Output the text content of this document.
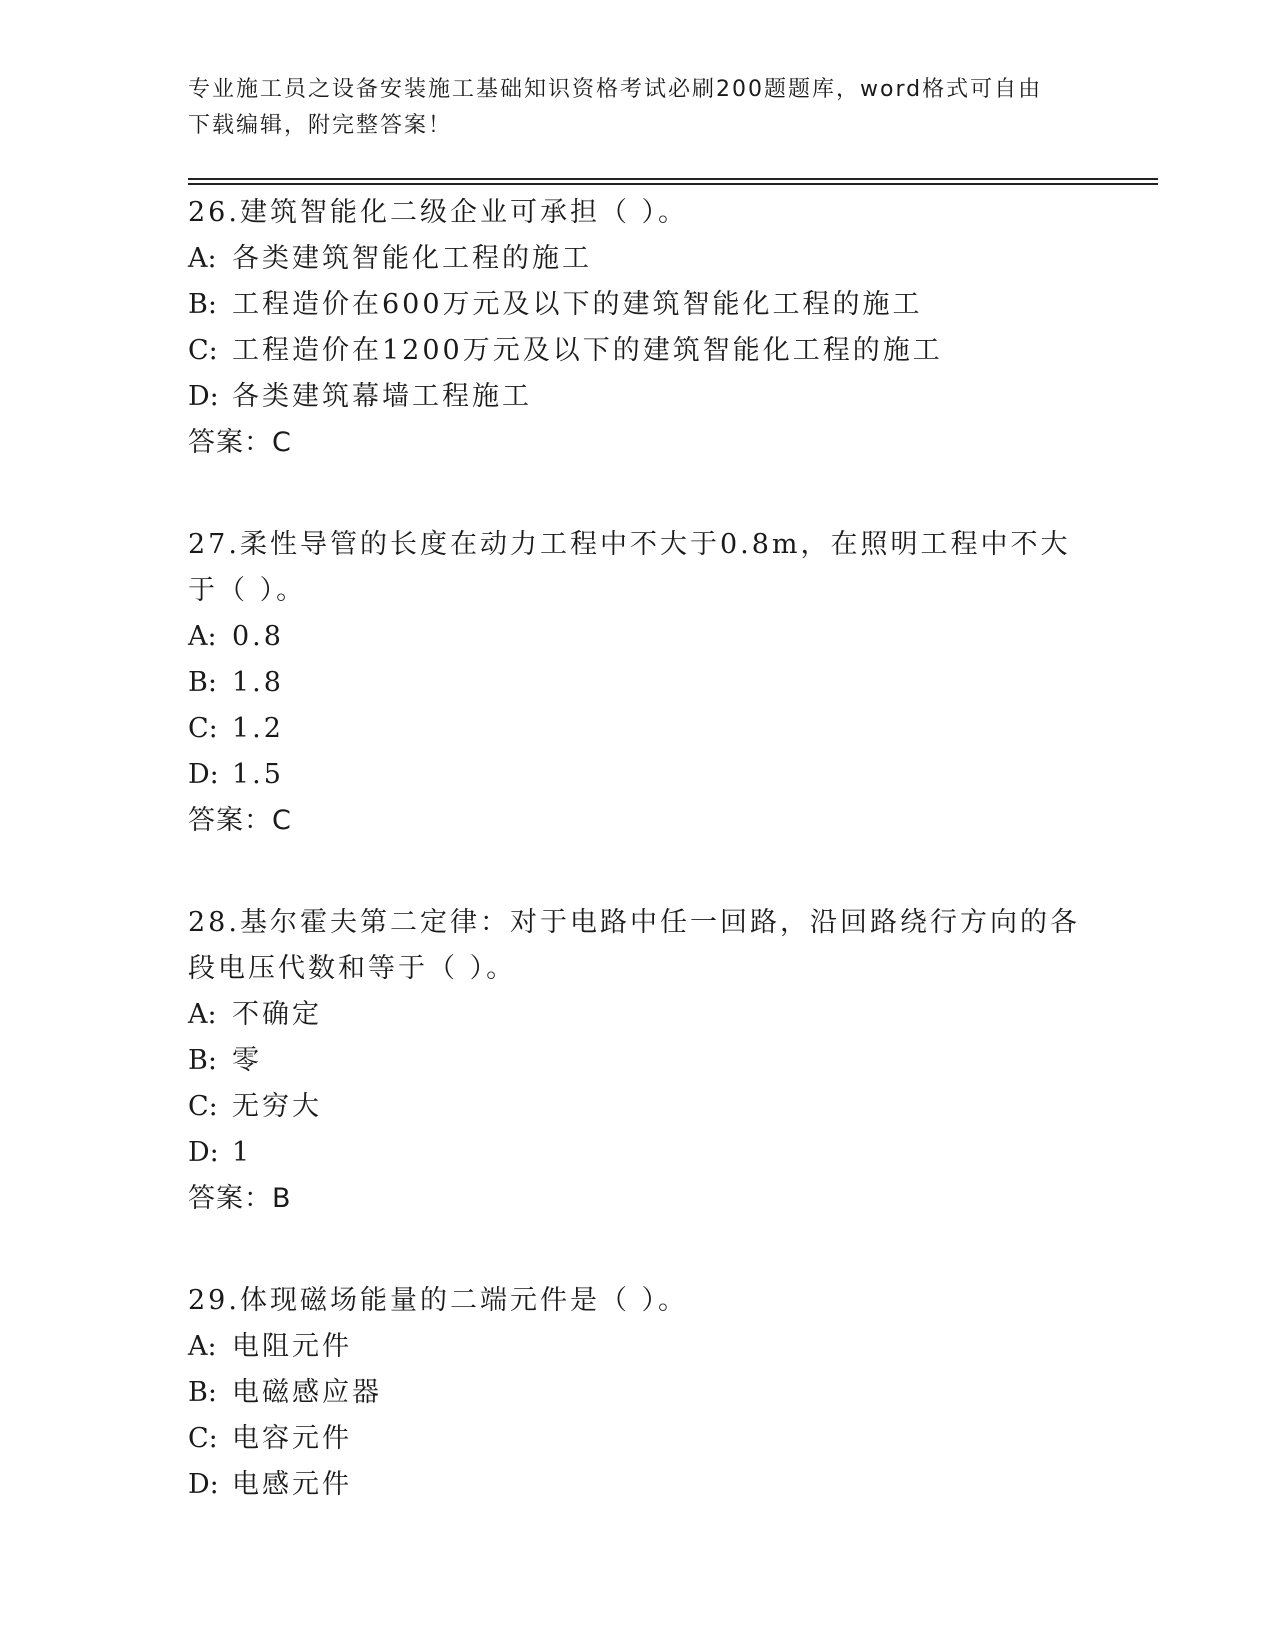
专业施工员之设备安装施工基础知识资格考试必刷200题题库，word格式可自由
下载编辑，附完整答案！

26.建筑智能化二级企业可承担（ ）。

A: 各类建筑智能化工程的施工

B: 工程造价在600万元及以下的建筑智能化工程的施工

C: 工程造价在1200万元及以下的建筑智能化工程的施工

D: 各类建筑幕墙工程施工

答案：C

27.柔性导管的长度在动力工程中不大于0.8m，在照明工程中不大于（ ）。

A: 0.8

B: 1.8

C: 1.2

D: 1.5

答案：C

28.基尔霍夫第二定律：对于电路中任一回路，沿回路绕行方向的各段电压代数和等于（ ）。

A: 不确定

B: 零

C: 无穷大

D: 1

答案：B

29.体现磁场能量的二端元件是（ ）。

A: 电阻元件

B: 电磁感应器

C: 电容元件

D: 电感元件
